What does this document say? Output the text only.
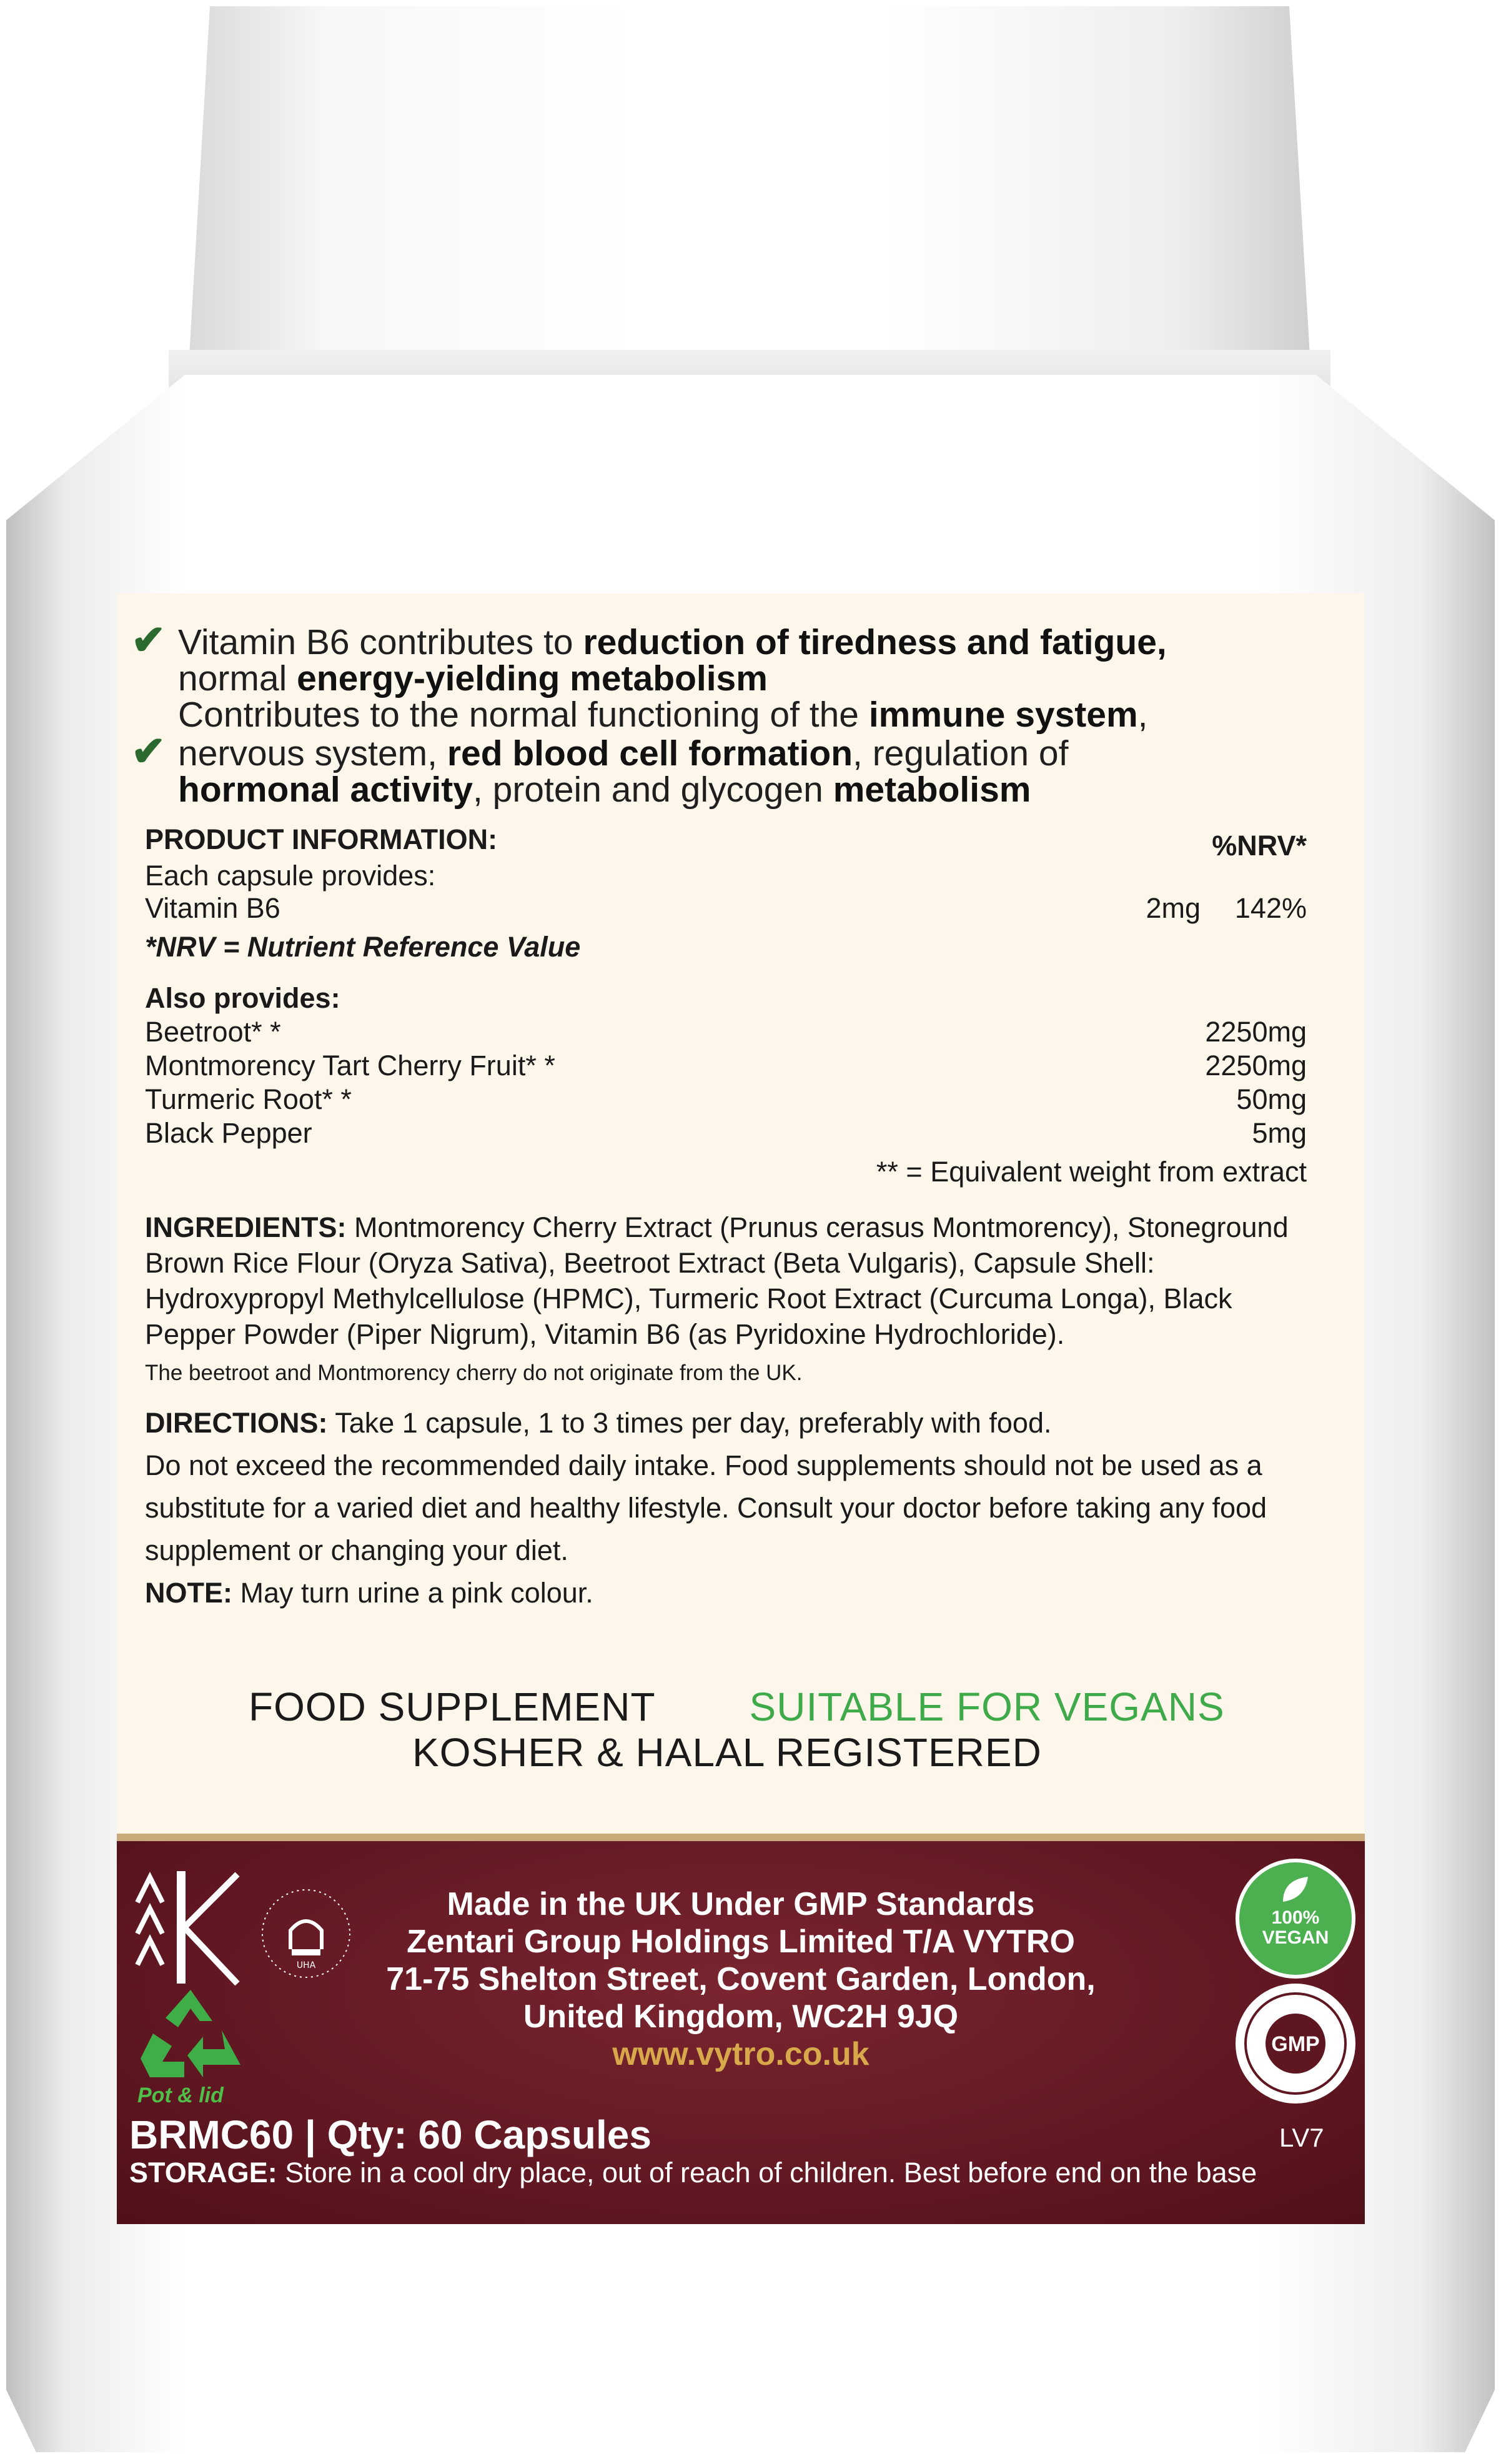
✔ Vitamin B6 contributes to reduction of tiredness and fatigue,
normal energy-yielding metabolism
Contributes to the normal functioning of the immune system,
✔ nervous system, red blood cell formation, regulation of
hormonal activity, protein and glycogen metabolism
PRODUCT INFORMATION:	%NRV*
Each capsule provides:
Vitamin B6	2mg 142%
*NRV = Nutrient Reference Value
Also provides:
Beetroot* *	2250mg
Montmorency Tart Cherry Fruit* *	2250mg
Turmeric Root* *	50mg
Black Pepper	5mg
** = Equivalent weight from extract
INGREDIENTS: Montmorency Cherry Extract (Prunus cerasus Montmorency), Stoneground
Brown Rice Flour (Oryza Sativa), Beetroot Extract (Beta Vulgaris), Capsule Shell:
Hydroxypropyl Methylcellulose (HPMC), Turmeric Root Extract (Curcuma Longa), Black
Pepper Powder (Piper Nigrum), Vitamin B6 (as Pyridoxine Hydrochloride).
The beetroot and Montmorency cherry do not originate from the UK.
DIRECTIONS: Take 1 capsule, 1 to 3 times per day, preferably with food.
Do not exceed the recommended daily intake. Food supplements should not be used as a
substitute for a varied diet and healthy lifestyle. Consult your doctor before taking any food
supplement or changing your diet.
NOTE: May turn urine a pink colour.
FOOD SUPPLEMENT SUITABLE FOR VEGANS
KOSHER & HALAL REGISTERED
UHA
Pot & lid
Made in the UK Under GMP Standards
Zentari Group Holdings Limited T/A VYTRO
71-75 Shelton Street, Covent Garden, London,
United Kingdom, WC2H 9JQ
www.vytro.co.uk
100%
VEGAN
GMP
BRMC60 | Qty: 60 Capsules	LV7
STORAGE: Store in a cool dry place, out of reach of children. Best before end on the base
